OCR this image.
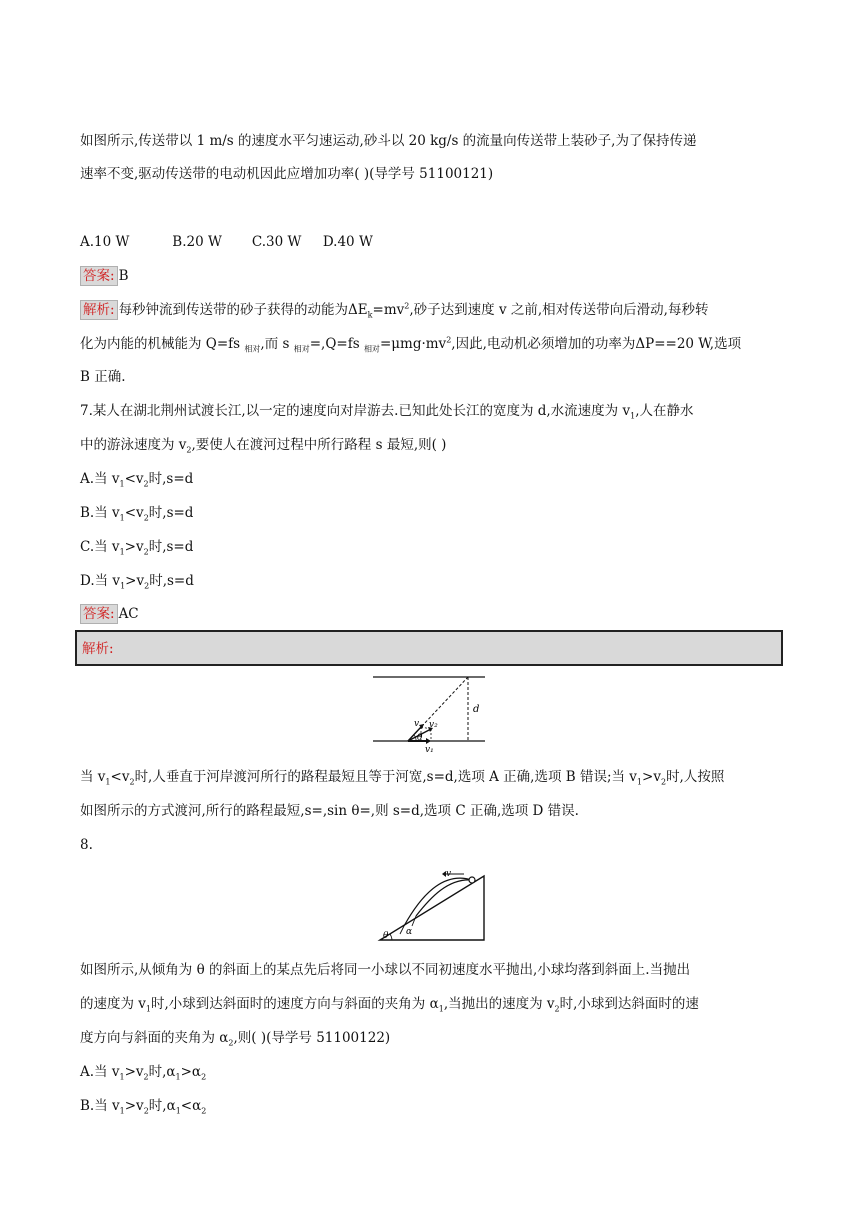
如图所示,传送带以 1 m/s 的速度水平匀速运动,砂斗以 20 kg/s 的流量向传送带上装砂子,为了保持传递
速率不变,驱动传送带的电动机因此应增加功率( )(导学号 51100121)
A.10 W          B.20 W       C.30 W     D.40 W
答案: B
解析: 每秒钟流到传送带的砂子获得的动能为$\Delta E_k=mv^2$,砂子达到速度 v 之前,相对传送带向后滑动,每秒转
化为内能的机械能为 Q=fs $_{相对}$,而 s $_{相对}$=,Q=fs $_{相对}=\mu mg\cdot mv^2$,因此,电动机必须增加的功率为ΔP==20 W,选项
B 正确.
7.某人在湖北荆州试渡长江,以一定的速度向对岸游去.已知此处长江的宽度为 d,水流速度为 $v_1$,人在静水
中的游泳速度为 $v_2$,要使人在渡河过程中所行路程 s 最短,则( )
A.当 $v_1<v_2$时,s=d
B.当 $v_1<v_2$时,s=d
C.当 $v_1>v_2$时,s=d
D.当 $v_1>v_2$时,s=d
答案: AC
解析:
v v₂
θ
v₁
d
当 $v_1<v_2$时,人垂直于河岸渡河所行的路程最短且等于河宽,s=d,选项 A 正确,选项 B 错误;当 $v_1>v_2$时,人按照
如图所示的方式渡河,所行的路程最短,s=,sin θ=,则 s=d,选项 C 正确,选项 D 错误.
8.
v
α
θ
如图所示,从倾角为 θ 的斜面上的某点先后将同一小球以不同初速度水平抛出,小球均落到斜面上.当抛出
的速度为 $v_1$时,小球到达斜面时的速度方向与斜面的夹角为 $\alpha_1$,当抛出的速度为 $v_2$时,小球到达斜面时的速
度方向与斜面的夹角为 $\alpha_2$,则( )(导学号 51100122)
A.当 $v_1>v_2$时$,\alpha_1>\alpha_2$
B.当 $v_1>v_2$时$,\alpha_1<\alpha_2$
